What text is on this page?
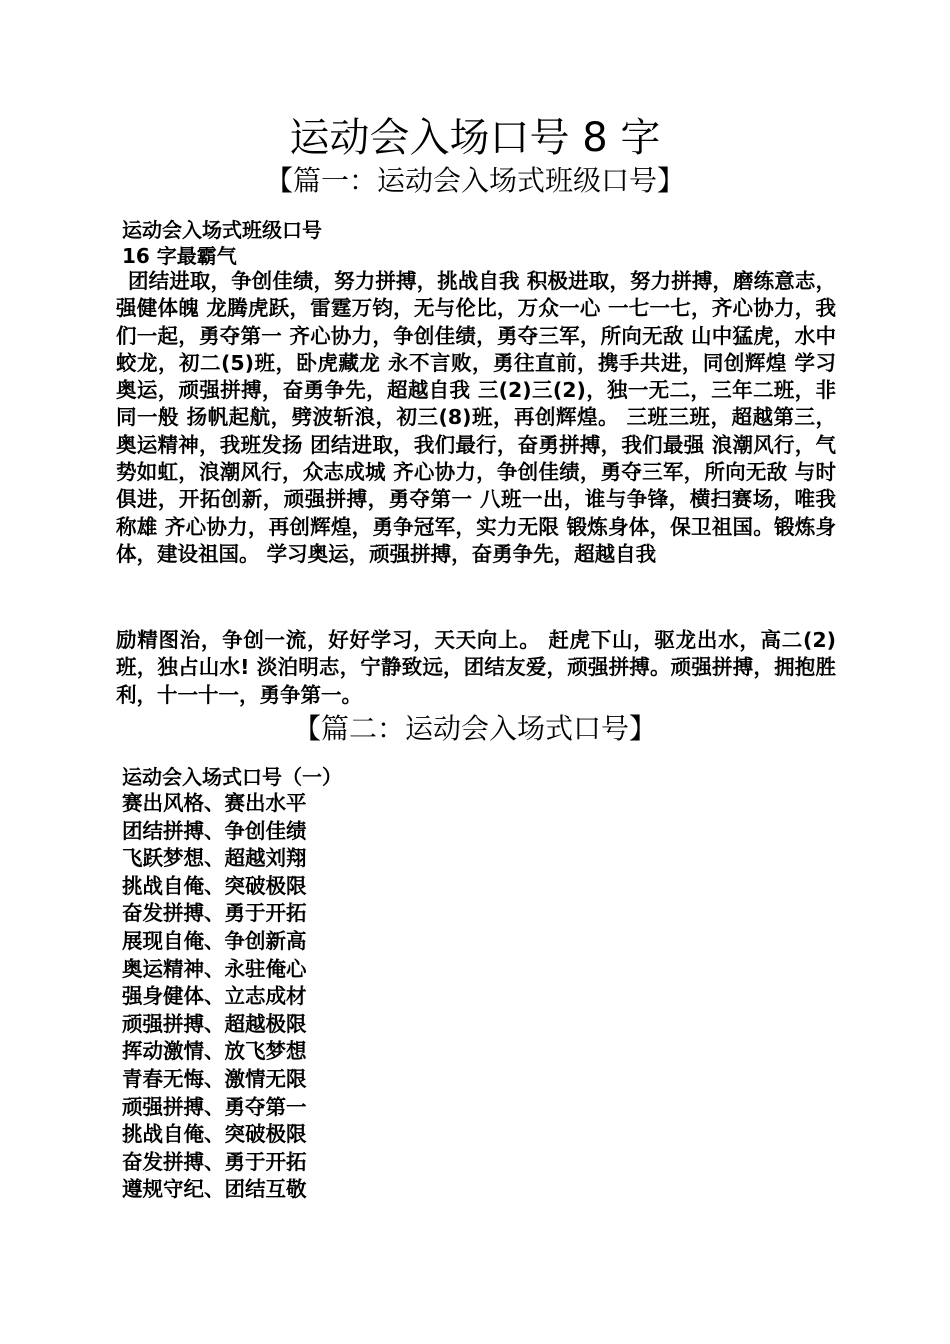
运动会入场口号 8 字
【篇一：运动会入场式班级口号】
运动会入场式班级口号
16 字最霸气

团结进取，争创佳绩，努力拼搏，挑战自我 积极进取，努力拼搏，磨练意志，强健体魄 龙腾虎跃，雷霆万钧，无与伦比，万众一心 一七一七，齐心协力，我们一起，勇夺第一 齐心协力，争创佳绩，勇夺三军，所向无敌 山中猛虎，水中蛟龙，初二(5)班，卧虎藏龙 永不言败，勇往直前，携手共进，同创辉煌 学习奥运，顽强拼搏，奋勇争先，超越自我 三(2)三(2)，独一无二，三年二班，非同一般 扬帆起航，劈波斩浪，初三(8)班，再创辉煌。 三班三班，超越第三，奥运精神，我班发扬 团结进取，我们最行，奋勇拼搏，我们最强 浪潮风行，气势如虹，浪潮风行，众志成城 齐心协力，争创佳绩，勇夺三军，所向无敌 与时俱进，开拓创新，顽强拼搏，勇夺第一 八班一出，谁与争锋，横扫赛场，唯我称雄 齐心协力，再创辉煌，勇争冠军，实力无限 锻炼身体，保卫祖国。锻炼身体，建设祖国。 学习奥运，顽强拼搏，奋勇争先，超越自我

励精图治，争创一流，好好学习，天天向上。 赶虎下山，驱龙出水，高二(2)班，独占山水! 淡泊明志，宁静致远，团结友爱，顽强拼搏。顽强拼搏，拥抱胜利，十一十一，勇争第一。

【篇二：运动会入场式口号】
运动会入场式口号（一）
赛出风格、赛出水平
团结拼搏、争创佳绩
飞跃梦想、超越刘翔
挑战自俺、突破极限
奋发拼搏、勇于开拓
展现自俺、争创新高
奥运精神、永驻俺心
强身健体、立志成材
顽强拼搏、超越极限
挥动激情、放飞梦想
青春无悔、激情无限
顽强拼搏、勇夺第一
挑战自俺、突破极限
奋发拼搏、勇于开拓
遵规守纪、团结互敬
